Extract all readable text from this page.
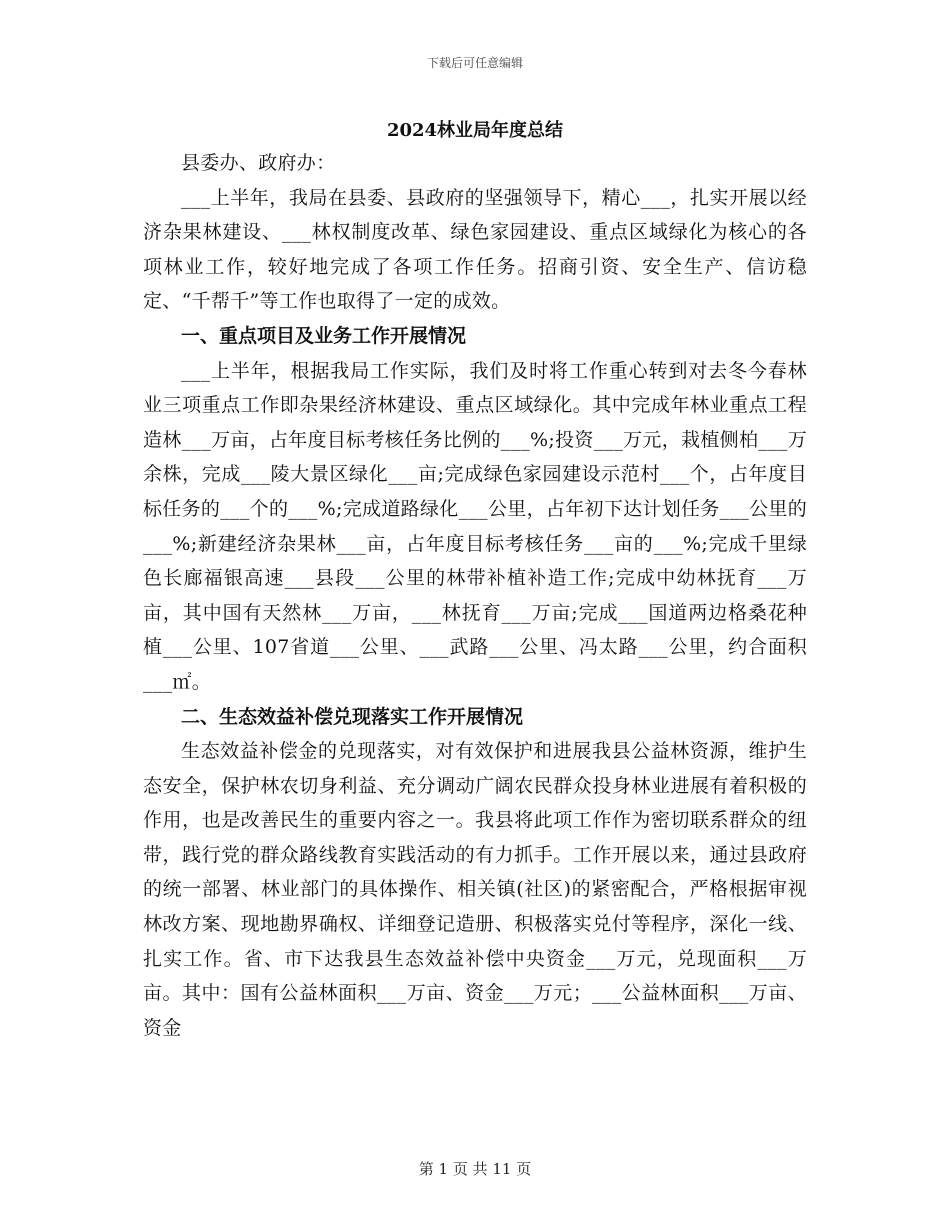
下载后可任意编辑
2024林业局年度总结

县委办、政府办：

___上半年，我局在县委、县政府的坚强领导下，精心___，扎实开展以经济杂果林建设、___林权制度改革、绿色家园建设、重点区域绿化为核心的各项林业工作，较好地完成了各项工作任务。招商引资、安全生产、信访稳定、“千帮千”等工作也取得了一定的成效。

一、重点项目及业务工作开展情况

___上半年，根据我局工作实际，我们及时将工作重心转到对去冬今春林业三项重点工作即杂果经济林建设、重点区域绿化。其中完成年林业重点工程造林___万亩，占年度目标考核任务比例的___%;投资___万元，栽植侧柏___万余株，完成___陵大景区绿化___亩;完成绿色家园建设示范村___个，占年度目标任务的___个的___%;完成道路绿化___公里，占年初下达计划任务___公里的___%;新建经济杂果林___亩，占年度目标考核任务___亩的___%;完成千里绿色长廊福银高速___县段___公里的林带补植补造工作;完成中幼林抚育___万亩，其中国有天然林___万亩，___林抚育___万亩;完成___国道两边格桑花种植___公里、107省道___公里、___武路___公里、冯太路___公里，约合面积___㎡。

二、生态效益补偿兑现落实工作开展情况

生态效益补偿金的兑现落实，对有效保护和进展我县公益林资源，维护生态安全，保护林农切身利益、充分调动广阔农民群众投身林业进展有着积极的作用，也是改善民生的重要内容之一。我县将此项工作作为密切联系群众的纽带，践行党的群众路线教育实践活动的有力抓手。工作开展以来，通过县政府的统一部署、林业部门的具体操作、相关镇(社区)的紧密配合，严格根据审视林改方案、现地勘界确权、详细登记造册、积极落实兑付等程序，深化一线、扎实工作。省、市下达我县生态效益补偿中央资金___万元，兑现面积___万亩。其中：国有公益林面积___万亩、资金___万元；___公益林面积___万亩、资金

第 1 页 共 11 页
